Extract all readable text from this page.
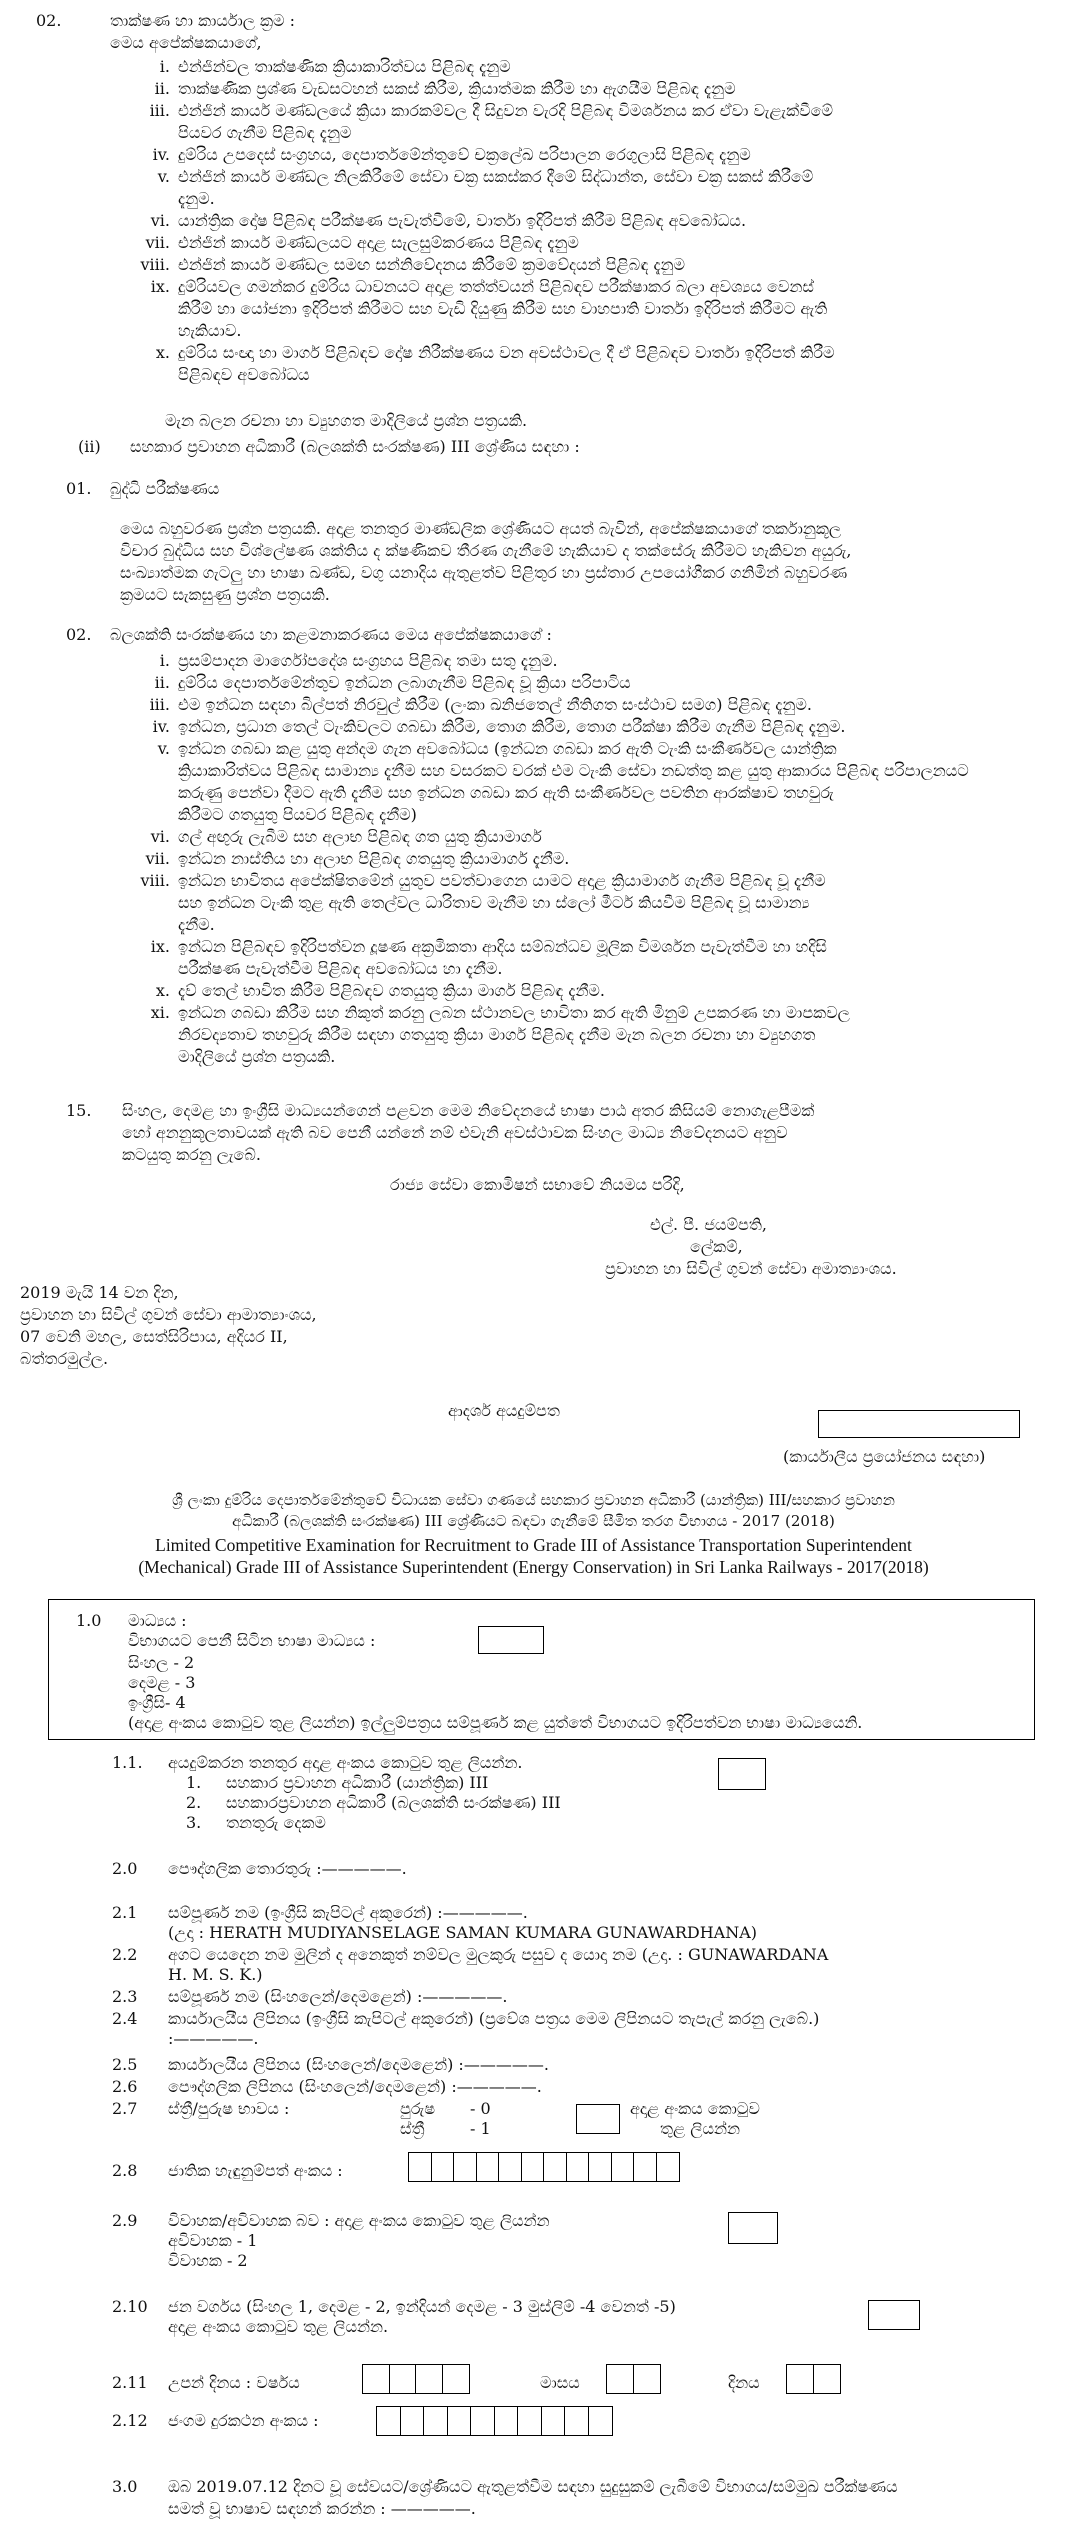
02.	තාක්ෂණ හා කාර්යාල ක්‍රම :
මෙය අපේක්ෂකයාගේ,
i. එන්ජින්වල තාක්ෂණික ක්‍රියාකාරිත්වය පිළිබඳ දැනුම
ii. තාක්ෂණික ප්‍රශ්ණ වැඩසටහන් සකස් කිරීම, ක්‍රියාත්මක කිරීම හා ඇගයීම පිළිබඳ දැනුම
iii. එන්ජින් කාර්ය මණ්ඩලයේ ක්‍රියා කාරකම්වල දී සිදුවන වැරදි පිළිබඳ විමර්ශනය කර ඒවා වැළැක්වීමේ
පියවර ගැනීම පිළිබඳ දැනුම
iv. දුම්රිය උපදෙස් සංග්‍රහය, දෙපාර්තමේන්තුවේ චක්‍රලේඛ පරිපාලන රෙගුලාසි පිළිබඳ දැනුම
v. එන්ජින් කාර්ය මණ්ඩල නිලකිරීමේ සේවා චක්‍ර සකස්කර දීමේ සිද්ධාන්ත, සේවා චක්‍ර සකස් කිරීමේ
දැනුම.
vi. යාන්ත්‍රික දෝෂ පිළිබඳ පරීක්ෂණ පැවැත්වීමේ, වාර්තා ඉදිරිපත් කිරීම පිළිබඳ අවබෝධය.
vii. එන්ජින් කාර්ය මණ්ඩලයට අදාළ සැලසුම්කරණය පිළිබඳ දැනුම
viii. එන්ජින් කාර්ය මණ්ඩල සමඟ සන්නිවේදනය කිරීමේ ක්‍රමවේදයන් පිළිබඳ දැනුම
ix. දුම්රියවල ගමන්කර දුම්රිය ධාවනයට අදාළ තත්ත්වයන් පිළිබඳව පරීක්ෂාකර බලා අවශ්‍යය වෙනස්
කිරීම් හා යෝජනා ඉදිරිපත් කිරීමට සහ වැඩි දියුණු කිරීම සහ වාහපාති වාර්තා ඉදිරිපත් කිරීමට ඇති
හැකියාව.
x. දුම්රිය සංඥා හා මාර්ග පිළිබඳව දෝෂ නිරීක්ෂණය වන අවස්ථාවල දී ඒ පිළිබඳව වාර්තා ඉදිරිපත් කිරීම
පිළිබඳව අවබෝධය
මැන බලන රචනා හා ව්‍යුහගත මාදිලියේ ප්‍රශ්න පත්‍රයකි.
(ii) සහකාර ප්‍රවාහන අධිකාරී (බලශක්ති සංරක්ෂණ) III ශ්‍රේණිය සඳහා :
01. බුද්ධි පරීක්ෂණය
මෙය බහුවරණ ප්‍රශ්න පත්‍රයකි. අදාළ තනතුර මාණ්ඩලික ශ්‍රේණියට අයත් බැවින්, අපේක්ෂකයාගේ තර්කානුකූල
විචාර බුද්ධිය සහ විශ්ලේෂණ ශක්තිය ද ක්ෂණිකව තීරණ ගැනීමේ හැකියාව ද තක්සේරු කිරීමට හැකිවන අයුරු,
සංඛ්‍යාත්මක ගැටලු හා භාෂා ඛණ්ඩ, වගු යනාදිය ඇතුළත්ව පිළිතුර හා ප්‍රස්තාර උපයෝගීකර ගනිමින් බහුවරණ
ක්‍රමයට සැකසුණු ප්‍රශ්න පත්‍රයකි.
02. බලශක්ති සංරක්ෂණය හා කළමනාකරණය මෙය අපේක්ෂකයාගේ :
i. ප්‍රසම්පාදන මාර්ගෝපදේශ සංග්‍රහය පිළිබඳ තමා සතු දැනුම.
ii. දුම්රිය දෙපාර්තමේන්තුව ඉන්ධන ලබාගැනීම පිළිබඳ වූ ක්‍රියා පරිපාටිය
iii. එම ඉන්ධන සඳහා බිල්පත් නිරවුල් කිරීම (ලංකා ඛනිජතෙල් නීතිගත සංස්ථාව සමග) පිළිබඳ දැනුම.
iv. ඉන්ධන, ප්‍රධාන තෙල් ටැංකිවලට ගබඩා කිරීම, තොග කිරීම, තොග පරීක්ෂා කිරීම ගැනීම පිළිබඳ දැනුම.
v. ඉන්ධන ගබඩා කළ යුතු අන්දම ගැන අවබෝධය (ඉන්ධන ගබඩා කර ඇති ටැංකි සංකීර්ණවල යාන්ත්‍රික
ක්‍රියාකාරිත්වය පිළිබඳ සාමාන්‍ය දැනීම සහ වසරකට වරක් එම ටැංකි සේවා නඩත්තු කළ යුතු ආකාරය පිළිබඳ පරිපාලනයට
කරුණු පෙන්වා දීමට ඇති දැනීම සහ ඉන්ධන ගබඩා කර ඇති සංකීර්ණවල පවතින ආරක්ෂාව තහවුරු
කිරීමට ගතයුතු පියවර පිළිබඳ දැනීම)
vi. ගල් අඟුරු ලැබීම සහ අලාභ පිළිබඳ ගත යුතු ක්‍රියාමාර්ග
vii. ඉන්ධන නාස්තිය හා අලාභ පිළිබඳ ගතයුතු ක්‍රියාමාර්ග දැනීම.
viii. ඉන්ධන භාවිතය අපේක්ෂිතමේන් යුතුව පවත්වාගෙන යාමට අදාළ ක්‍රියාමාර්ග ගැනීම පිළිබඳ වූ දැනීම
සහ ඉන්ධන ටැංකි තුළ ඇති තෙල්වල ධාරිතාව මැනීම හා ස්ලෝ මීටර් කියවීම පිළිබඳ වූ සාමාන්‍ය
දැනීම.
ix. ඉන්ධන පිළිබඳව ඉදිරිපත්වන දූෂණ අක්‍රමිකතා ආදිය සම්බන්ධව මූලික විමර්ශන පැවැත්වීම හා හදිසි
පරීක්ෂණ පැවැත්වීම පිළිබඳ අවබෝධය හා දැනීම.
x. දැව් තෙල් භාවිත කිරීම පිළිබඳව ගතයුතු ක්‍රියා මාර්ග පිළිබඳ දැනීම.
xi. ඉන්ධන ගබඩා කිරීම සහ නිකුත් කරනු ලබන ස්ථානවල භාවිතා කර ඇති මිනුම් උපකරණ හා මාපකවල
නිරවද්‍යතාව තහවුරු කිරීම සඳහා ගතයුතු ක්‍රියා මාර්ග පිළිබඳ දැනීම මැන බලන රචනා හා ව්‍යුහගත
මාදිලියේ ප්‍රශ්න පත්‍රයකි.
15. සිංහල, දෙමළ හා ඉංග්‍රීසි මාධ්‍යයන්ගෙන් පළවන මෙම නිවේදනයේ භාෂා පාඨ අතර කිසියම් නොගැළපීමක්
හෝ අනනුකූලතාවයක් ඇති බව පෙනී යන්නේ නම් එවැනි අවස්ථාවක සිංහල මාධ්‍ය නිවේදනයට අනුව
කටයුතු කරනු ලැබේ.
රාජ්‍ය සේවා කොමිෂන් සභාවේ නියමය පරිදි,
එල්. පී. ජයම්පති,
ලේකම්,
ප්‍රවාහන හා සිවිල් ගුවන් සේවා අමාත්‍යාංශය.
2019 මැයි 14 වන දින,
ප්‍රවාහන හා සිවිල් ගුවන් සේවා ආමාත්‍යාංශය,
07 වෙනි මහල, සෙත්සිරිපාය, අදියර II,
බත්තරමුල්ල.
ආදර්ශ අයදුම්පත
(කාර්යාලීය ප්‍රයෝජනය සඳහා)
ශ්‍රී ලංකා දුම්රිය දෙපාර්තමේන්තුවේ විධායක සේවා ගණයේ සහකාර ප්‍රවාහන අධිකාරී (යාන්ත්‍රික) III/සහකාර ප්‍රවාහන
අධිකාරී (බලශක්ති සංරක්ෂණ) III ශ්‍රේණියට බඳවා ගැනීමේ සීමිත තරග විභාගය - 2017 (2018)
Limited Competitive Examination for Recruitment to Grade III of Assistance Transportation Superintendent
(Mechanical) Grade III of Assistance Superintendent (Energy Conservation) in Sri Lanka Railways - 2017(2018)
1.0 මාධ්‍යය :
විභාගයට පෙනී සිටින භාෂා මාධ්‍යය :
සිංහල - 2
දෙමළ - 3
ඉංග්‍රීසි- 4
(අදාළ අංකය කොටුව තුළ ලියන්න) ඉල්ලුම්පත්‍රය සම්පූර්ණ කළ යුත්තේ විභාගයට ඉදිරිපත්වන භාෂා මාධ්‍යයෙනි.
1.1. අයදුම්කරන තනතුර අදාළ අංකය කොටුව තුළ ලියන්න.
1. සහකාර ප්‍රවාහන අධිකාරී (යාන්ත්‍රික) III
2. සහකාරප්‍රවාහන අධිකාරී (බලශක්ති සංරක්ෂණ) III
3. තනතුරු දෙකම
2.0 පෞද්ගලික තොරතුරු :—————.
2.1 සම්පූර්ණ නම (ඉංග්‍රීසි කැපිටල් අකුරෙන්) :—————.
(උදා : HERATH MUDIYANSELAGE SAMAN KUMARA GUNAWARDHANA)
2.2 අගට යෙදෙන නම මුලින් ද අනෙකුත් නම්වල මුලකුරු පසුව ද යොදා නම (උදා. : GUNAWARDANA
H. M. S. K.)
2.3 සම්පූර්ණ නම (සිංහලෙන්/දෙමළෙන්) :—————.
2.4 කාර්යාලයීය ලිපිනය (ඉංග්‍රීසි කැපිටල් අකුරෙන්) (ප්‍රවේශ පත්‍රය මෙම ලිපිනයට තැපැල් කරනු ලැබේ.)
:—————.
2.5 කාර්යාලයීය ලිපිනය (සිංහලෙන්/දෙමළෙන්) :—————.
2.6 පෞද්ගලික ලිපිනය (සිංහලෙන්/දෙමළෙන්) :—————.
2.7 ස්ත්‍රී/පුරුෂ භාවය :	පුරුෂ - 0
ස්ත්‍රී	- 1
අදාළ අංකය කොටුව
තුළ ලියන්න
2.8 ජාතික හැඳුනුම්පත් අංකය :
2.9 විවාහක/අවිවාහක බව : අදාළ අංකය කොටුව තුළ ලියන්න
අවිවාහක - 1
විවාහක - 2
2.10 ජන වර්ගය (සිංහල 1, දෙමළ - 2, ඉන්දියන් දෙමළ - 3 මුස්ලිම් -4 වෙනත් -5)
අදාළ අංකය කොටුව තුළ ලියන්න.
2.11 උපන් දිනය : වර්ෂය	මාසය	දිනය
2.12 ජංගම දුරකථන අංකය :
3.0 ඔබ 2019.07.12 දිනට වූ සේවයට/ශ්‍රේණියට ඇතුළත්වීම සඳහා සුදුසුකම් ලැබීමේ විභාගය/සම්මුඛ පරීක්ෂණය
සමත් වූ භාෂාව සඳහන් කරන්න : —————.
